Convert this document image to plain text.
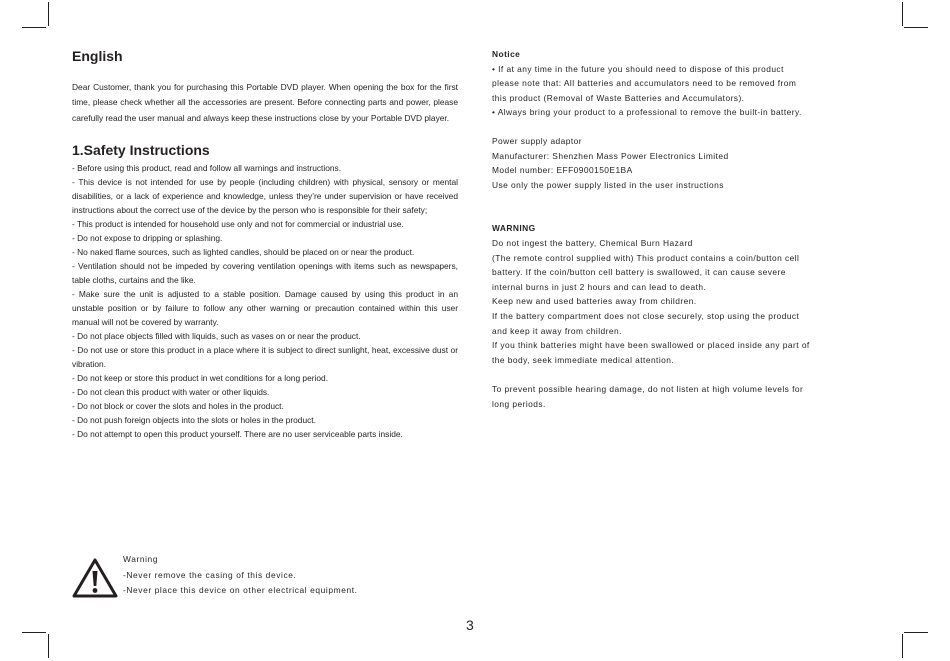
English

Dear Customer, thank you for purchasing this Portable DVD player. When opening the box for the first time, please check whether all the accessories are present. Before connecting parts and power, please carefully read the user manual and always keep these instructions close by your Portable DVD player.

1.Safety Instructions

- Before using this product, read and follow all warnings and instructions.
- This device is not intended for use by people (including children) with physical, sensory or mental disabilities, or a lack of experience and knowledge, unless they’re under supervision or have received instructions about the correct use of the device by the person who is responsible for their safety;
- This product is intended for household use only and not for commercial or industrial use.
- Do not expose to dripping or splashing.
- No naked flame sources, such as lighted candles, should be placed on or near the product.
- Ventilation should not be impeded by covering ventilation openings with items such as newspapers, table cloths, curtains and the like.
- Make sure the unit is adjusted to a stable position. Damage caused by using this product in an unstable position or by failure to follow any other warning or precaution contained within this user manual will not be covered by warranty.
- Do not place objects filled with liquids, such as vases on or near the product.
- Do not use or store this product in a place where it is subject to direct sunlight, heat, excessive dust or vibration.
- Do not keep or store this product in wet conditions for a long period.
- Do not clean this product with water or other liquids.
- Do not block or cover the slots and holes in the product.
- Do not push foreign objects into the slots or holes in the product.
- Do not attempt to open this product yourself. There are no user serviceable parts inside.
Warning
-Never remove the casing of this device.
-Never place this device on other electrical equipment.
Notice
• If at any time in the future you should need to dispose of this product
please note that: All batteries and accumulators need to be removed from
this product (Removal of Waste Batteries and Accumulators).
• Always bring your product to a professional to remove the built-in battery.
Power supply adaptor
Manufacturer: Shenzhen Mass Power Electronics Limited
Model number: EFF0900150E1BA
Use only the power supply listed in the user instructions
WARNING
Do not ingest the battery, Chemical Burn Hazard
(The remote control supplied with) This product contains a coin/button cell
battery. If the coin/button cell battery is swallowed, it can cause severe
internal burns in just 2 hours and can lead to death.
Keep new and used batteries away from children.
If the battery compartment does not close securely, stop using the product
and keep it away from children.
If you think batteries might have been swallowed or placed inside any part of
the body, seek immediate medical attention.
To prevent possible hearing damage, do not listen at high volume levels for
long periods.
3
